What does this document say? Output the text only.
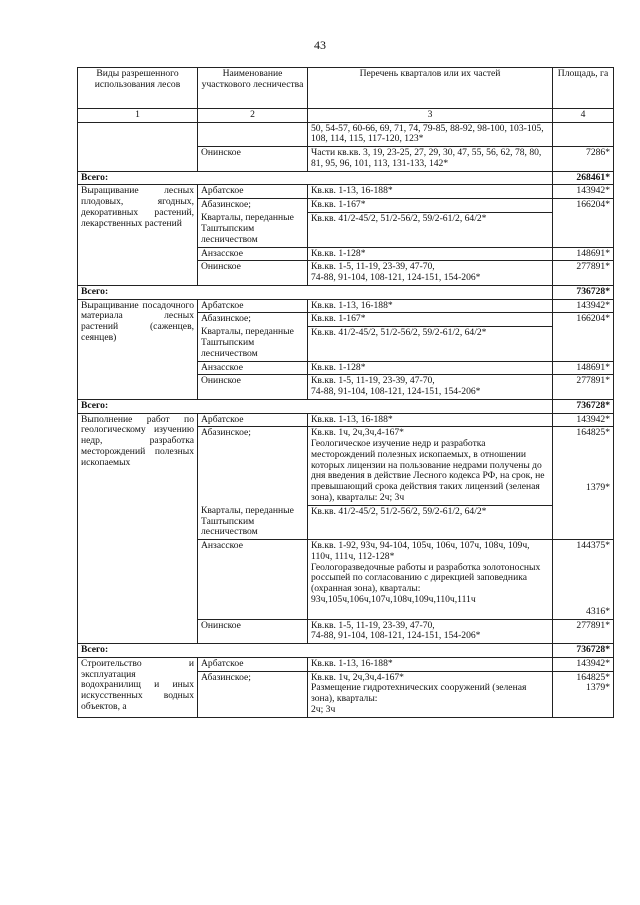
43
Виды разрешенного использования лесов	Наименование участкового лесничества	Перечень кварталов или их частей	Площадь, га
1	2	3	4
		50, 54-57, 60-66, 69, 71, 74, 79-85, 88-92, 98-100, 103-105, 108, 114, 115, 117-120, 123*	
	Онинское	Части кв.кв. 3, 19, 23-25, 27, 29, 30, 47, 55, 56, 62, 78, 80, 81, 95, 96, 101, 113, 131-133, 142*	7286*
Всего:			268461*
Выращивание лесных плодовых, ягодных, декоративных растений, лекарственных растений	Арбатское	Кв.кв. 1-13, 16-188*	143942*
	Абазинское;	Кв.кв. 1-167*	166204*
	Кварталы, переданные Таштыпским лесничеством	Кв.кв. 41/2-45/2, 51/2-56/2, 59/2-61/2, 64/2*	
	Анзасское	Кв.кв. 1-128*	148691*
	Онинское	Кв.кв. 1-5, 11-19, 23-39, 47-70,
74-88, 91-104, 108-121, 124-151, 154-206*	277891*
Всего:			736728*
Выращивание посадочного материала лесных растений (саженцев, сеянцев)	Арбатское	Кв.кв. 1-13, 16-188*	143942*
	Абазинское;	Кв.кв. 1-167*	166204*
	Кварталы, переданные Таштыпским лесничеством	Кв.кв. 41/2-45/2, 51/2-56/2, 59/2-61/2, 64/2*	
	Анзасское	Кв.кв. 1-128*	148691*
	Онинское	Кв.кв. 1-5, 11-19, 23-39, 47-70,
74-88, 91-104, 108-121, 124-151, 154-206*	277891*
Всего:			736728*
Выполнение работ по геологическому изучению недр, разработка месторождений полезных ископаемых	Арбатское	Кв.кв. 1-13, 16-188*	143942*
	Абазинское;	Кв.кв. 1ч, 2ч,3ч,4-167*
Геологическое изучение недр и разработка месторождений полезных ископаемых, в отношении которых лицензии на пользование недрами получены до дня введения в действие Лесного кодекса РФ, на срок, не превышающий срока действия таких лицензий (зеленая зона), кварталы: 2ч; 3ч	164825*
1379*

	Кварталы, переданные Таштыпским лесничеством	Кв.кв. 41/2-45/2, 51/2-56/2, 59/2-61/2, 64/2*	
	Анзасское	Кв.кв. 1-92, 93ч, 94-104, 105ч, 106ч, 107ч, 108ч, 109ч, 110ч, 111ч, 112-128*
Геологоразведочные работы и разработка золотоносных россыпей по согласованию с дирекцией заповедника (охранная зона), кварталы:
93ч,105ч,106ч,107ч,108ч,109ч,110ч,111ч	144375*
4316*

	Онинское	Кв.кв. 1-5, 11-19, 23-39, 47-70,
74-88, 91-104, 108-121, 124-151, 154-206*	277891*
Всего:			736728*
Строительство и эксплуатация водохранилищ и иных искусственных водных объектов, а	Арбатское	Кв.кв. 1-13, 16-188*	143942*
	Абазинское;	Кв.кв. 1ч, 2ч,3ч,4-167*
Размещение гидротехнических сооружений (зеленая зона), кварталы:
2ч; 3ч	164825*
1379*
